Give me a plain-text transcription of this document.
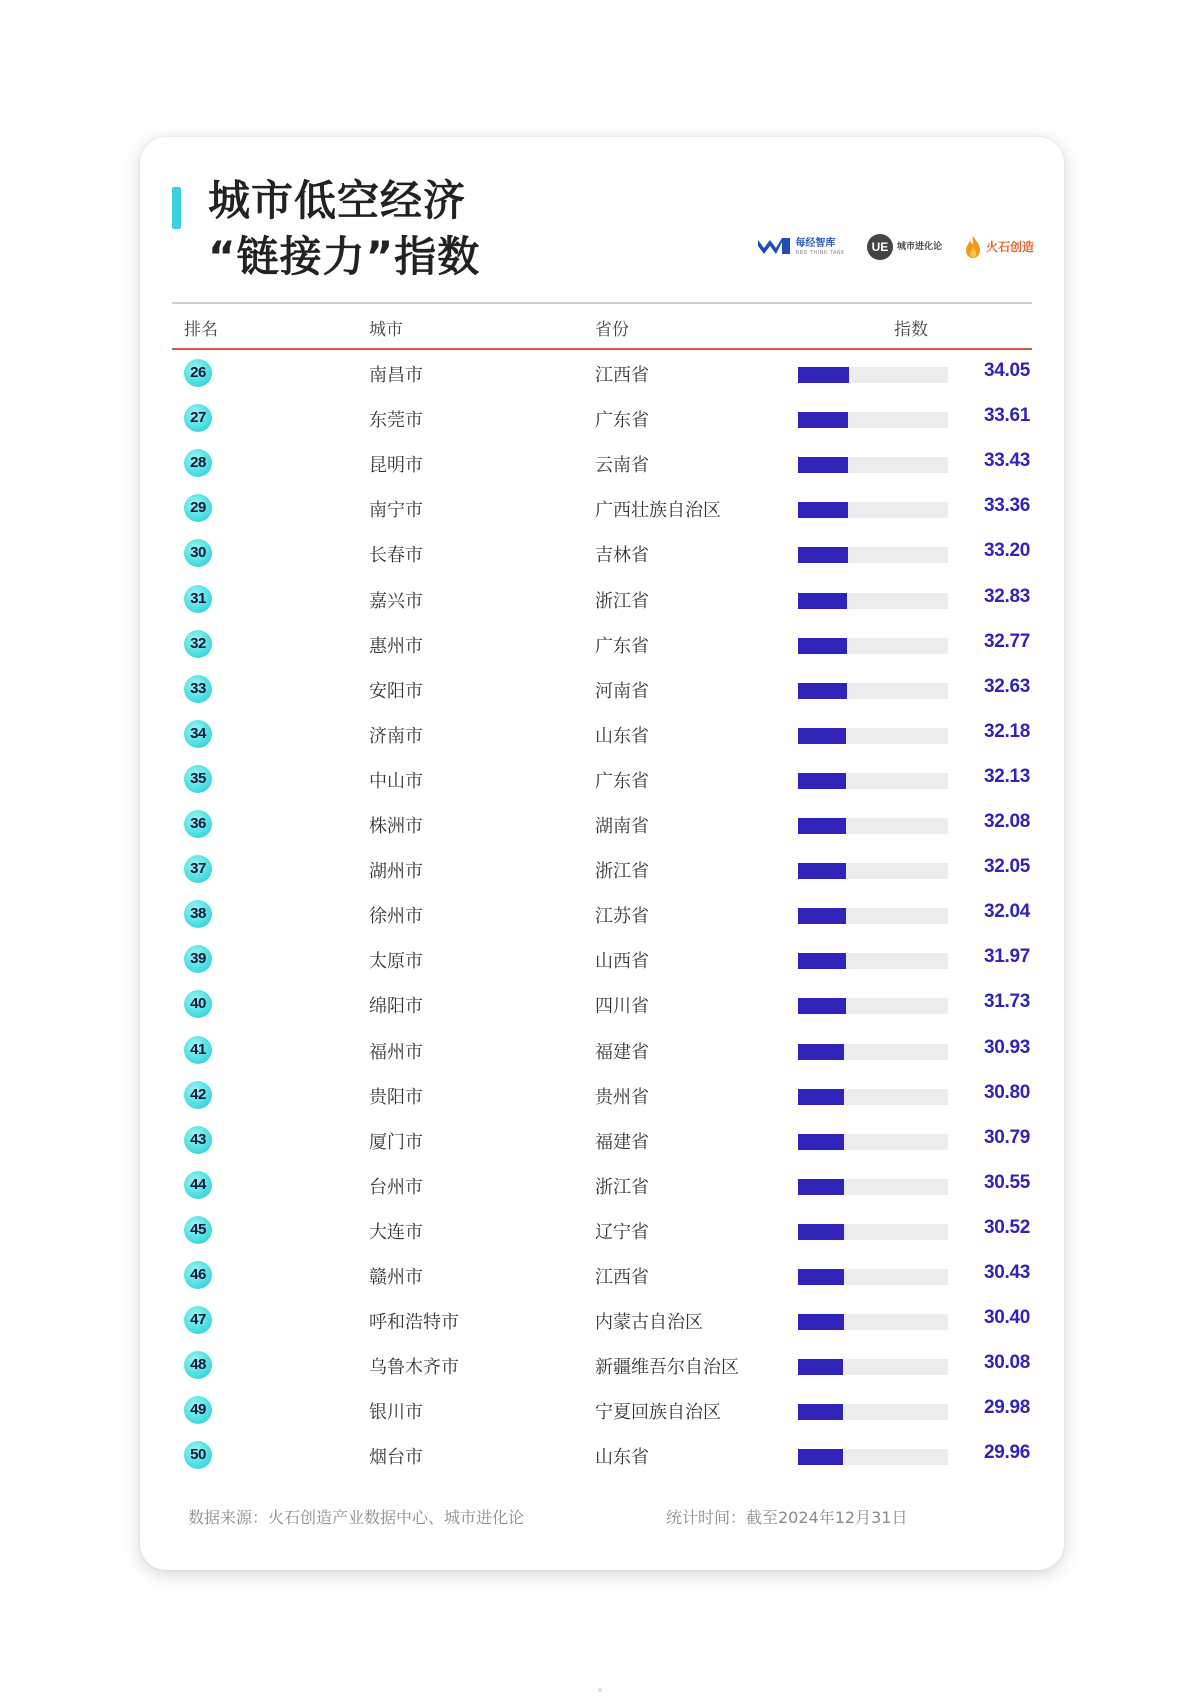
城市低空经济
“链接力”指数	每经智库
NBD THINK TANK	UE 城市进化论	火石创造
排名	城市	省份	指数
26	南昌市	江西省	34.05
27	东莞市	广东省	33.61
28	昆明市	云南省	33.43
29	南宁市	广西壮族自治区	33.36
30	长春市	吉林省	33.20
31	嘉兴市	浙江省	32.83
32	惠州市	广东省	32.77
33	安阳市	河南省	32.63
34	济南市	山东省	32.18
35	中山市	广东省	32.13
36	株洲市	湖南省	32.08
37	湖州市	浙江省	32.05
38	徐州市	江苏省	32.04
39	太原市	山西省	31.97
40	绵阳市	四川省	31.73
41	福州市	福建省	30.93
42	贵阳市	贵州省	30.80
43	厦门市	福建省	30.79
44	台州市	浙江省	30.55
45	大连市	辽宁省	30.52
46	赣州市	江西省	30.43
47	呼和浩特市	内蒙古自治区	30.40
48	乌鲁木齐市	新疆维吾尔自治区	30.08
49	银川市	宁夏回族自治区	29.98
50	烟台市	山东省	29.96
数据来源：火石创造产业数据中心、城市进化论	统计时间：截至2024年12月31日
